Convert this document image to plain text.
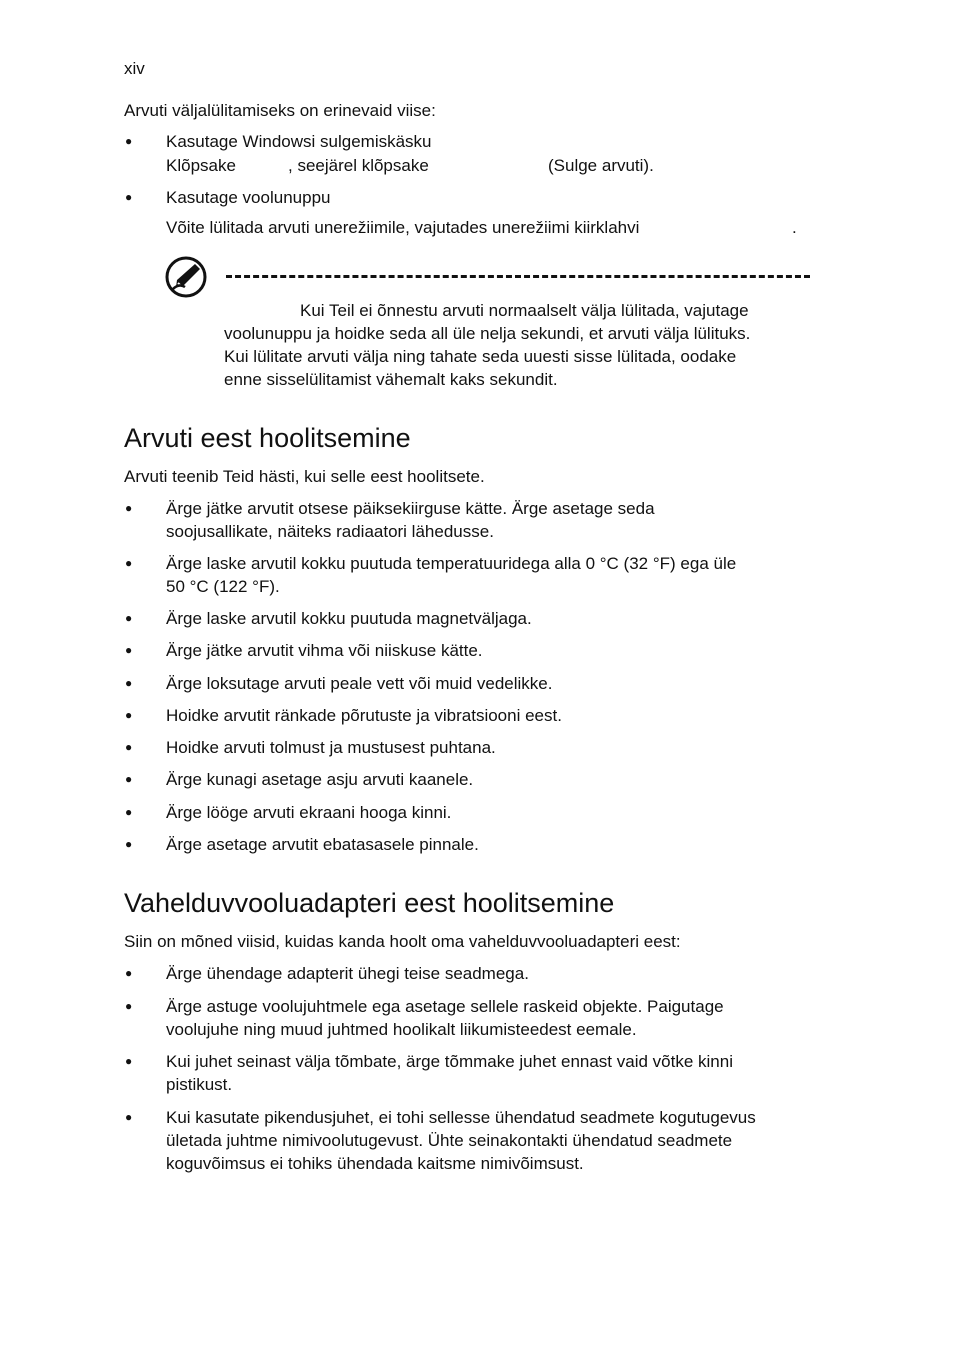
xiv
Arvuti väljalülitamiseks on erinevaid viise:
● Kasutage Windowsi sulgemiskäsku
Klõpsake	, seejärel klõpsake	(Sulge arvuti).
● Kasutage voolunuppu
Võite lülitada arvuti unerežiimile, vajutades unerežiimi kiirklahvi	.
Kui Teil ei õnnestu arvuti normaalselt välja lülitada, vajutage
voolunuppu ja hoidke seda all üle nelja sekundi, et arvuti välja lülituks.
Kui lülitate arvuti välja ning tahate seda uuesti sisse lülitada, oodake
enne sisselülitamist vähemalt kaks sekundit.
Arvuti eest hoolitsemine
Arvuti teenib Teid hästi, kui selle eest hoolitsete.
● Ärge jätke arvutit otsese päiksekiirguse kätte. Ärge asetage seda
soojusallikate, näiteks radiaatori lähedusse.
● Ärge laske arvutil kokku puutuda temperatuuridega alla 0 °C (32 °F) ega üle
50 °C (122 °F).
● Ärge laske arvutil kokku puutuda magnetväljaga.
● Ärge jätke arvutit vihma või niiskuse kätte.
● Ärge loksutage arvuti peale vett või muid vedelikke.
● Hoidke arvutit ränkade põrutuste ja vibratsiooni eest.
● Hoidke arvuti tolmust ja mustusest puhtana.
● Ärge kunagi asetage asju arvuti kaanele.
● Ärge lööge arvuti ekraani hooga kinni.
● Ärge asetage arvutit ebatasasele pinnale.
Vahelduvvooluadapteri eest hoolitsemine
Siin on mõned viisid, kuidas kanda hoolt oma vahelduvvooluadapteri eest:
● Ärge ühendage adapterit ühegi teise seadmega.
● Ärge astuge voolujuhtmele ega asetage sellele raskeid objekte. Paigutage
voolujuhe ning muud juhtmed hoolikalt liikumisteedest eemale.
● Kui juhet seinast välja tõmbate, ärge tõmmake juhet ennast vaid võtke kinni
pistikust.
● Kui kasutate pikendusjuhet, ei tohi sellesse ühendatud seadmete kogutugevus
ületada juhtme nimivoolutugevust. Ühte seinakontakti ühendatud seadmete
koguvõimsus ei tohiks ühendada kaitsme nimivõimsust.
